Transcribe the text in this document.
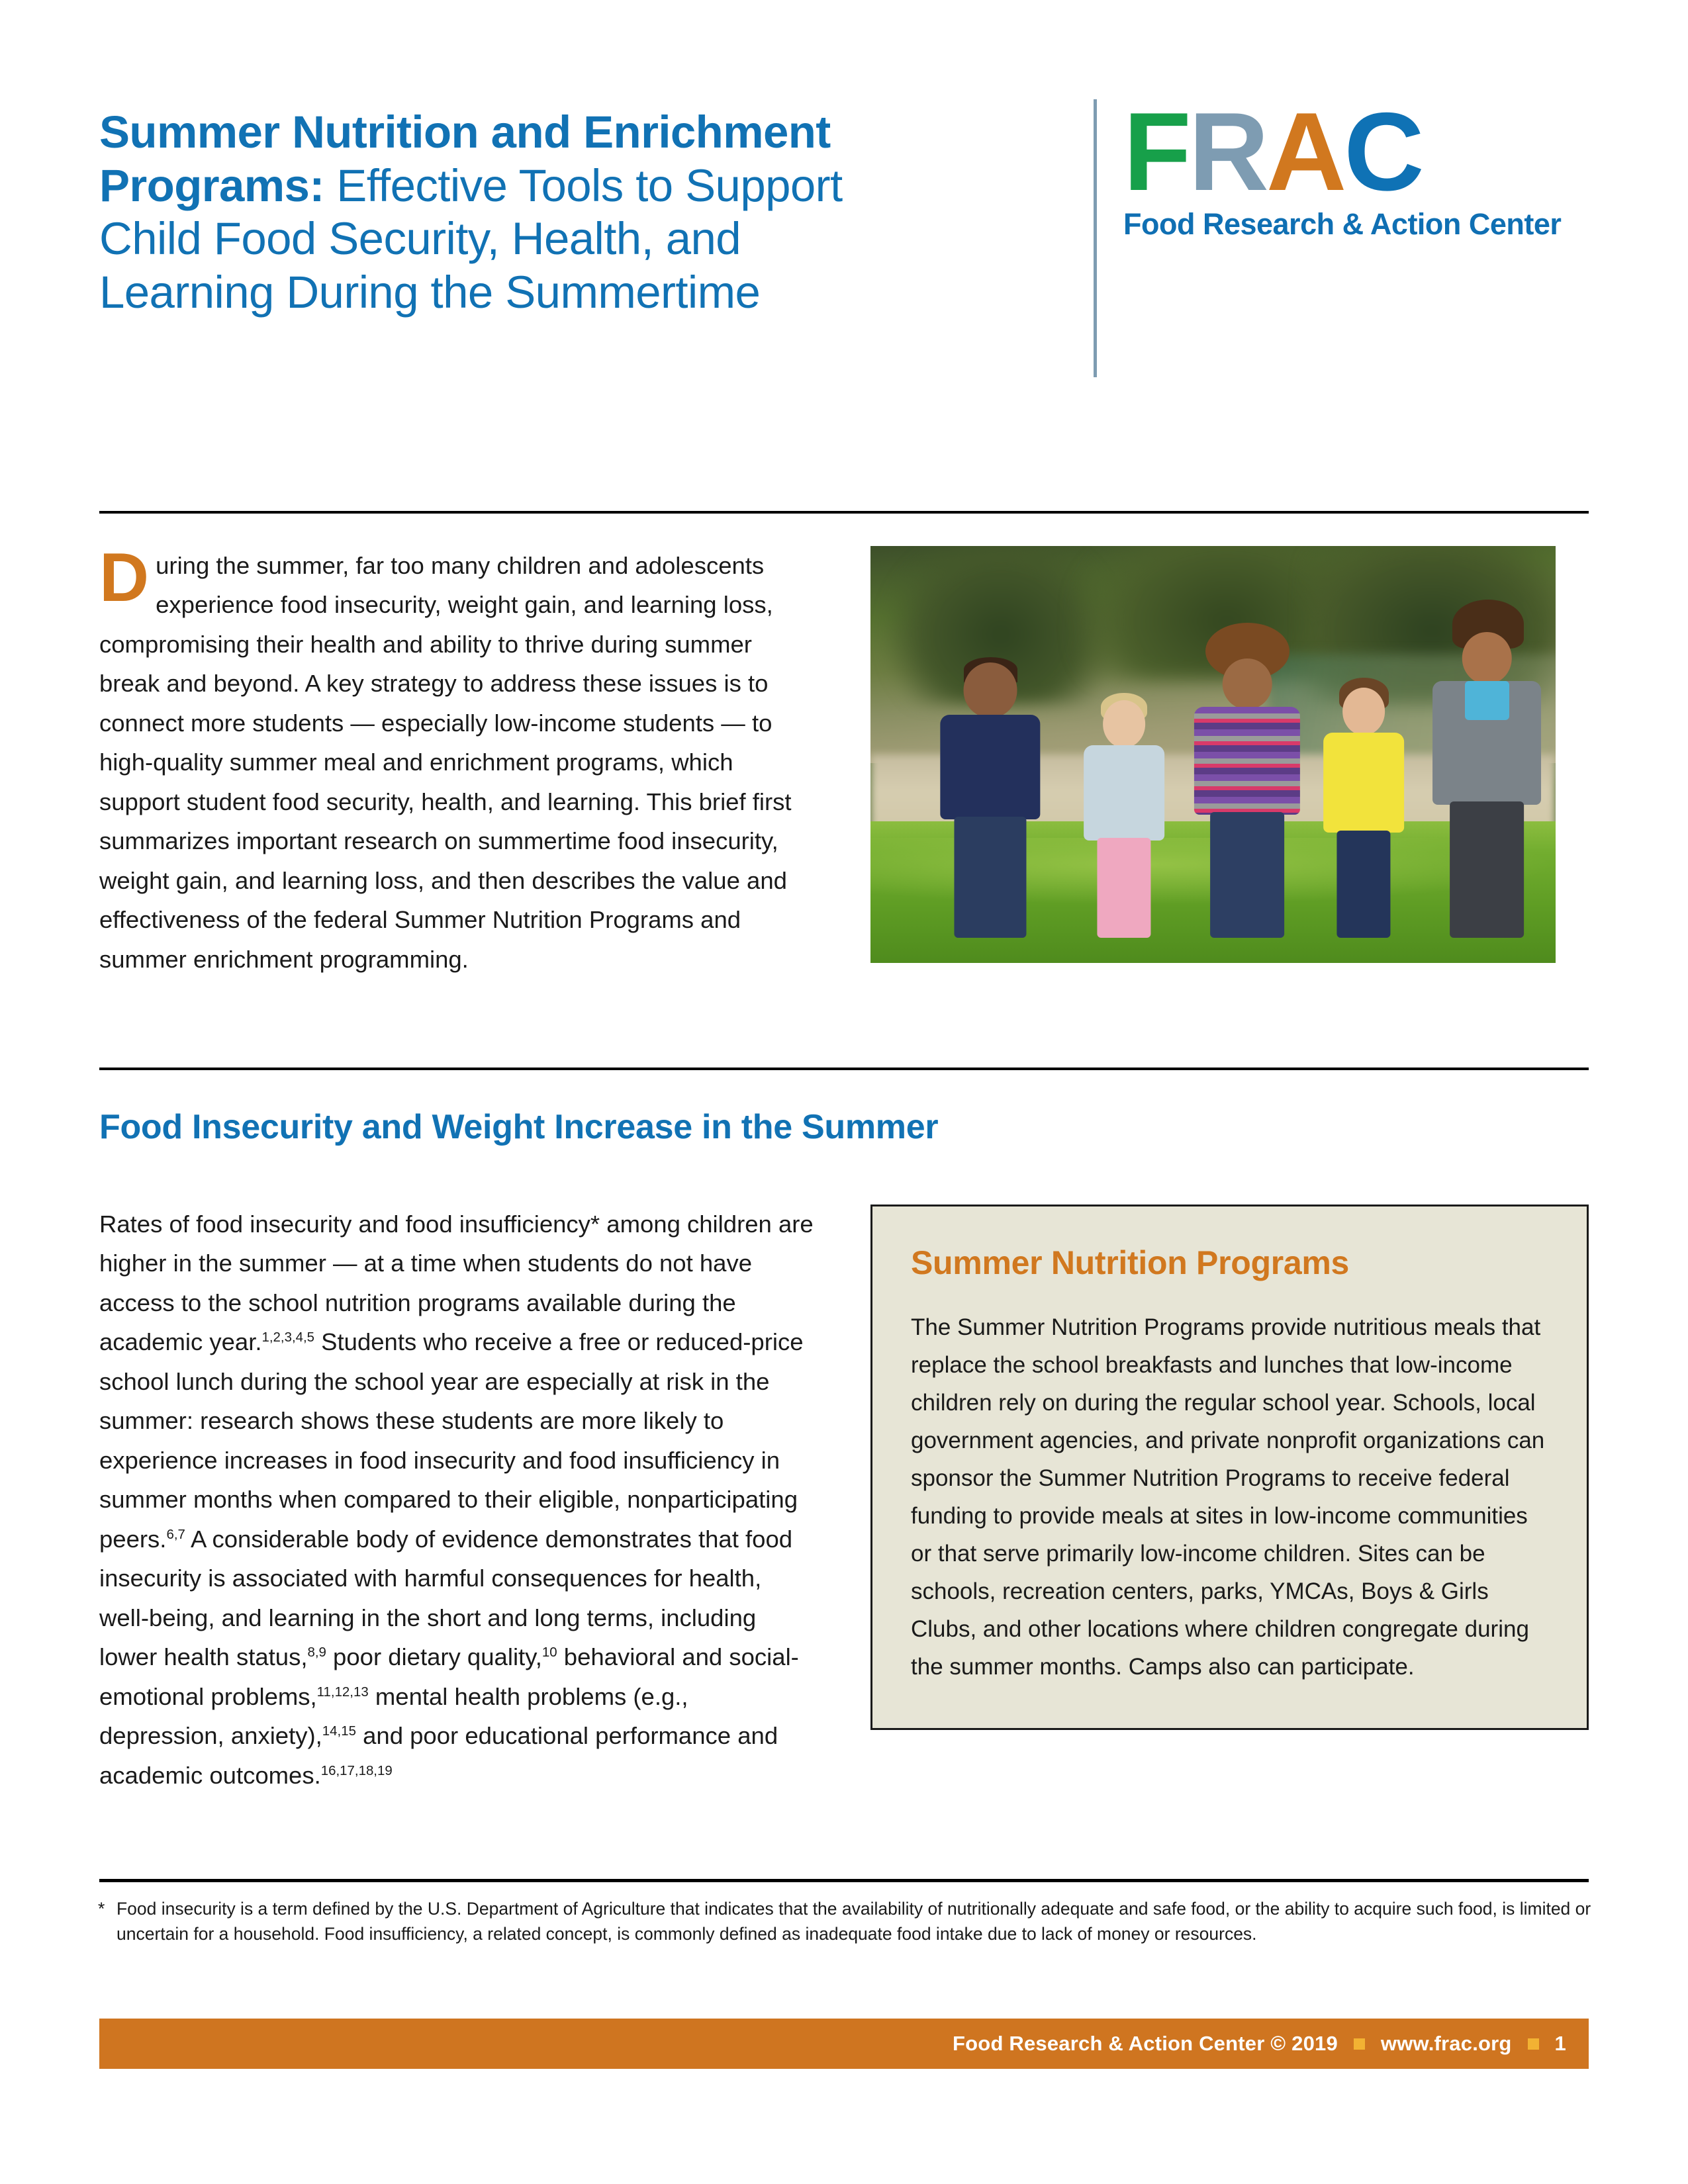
Summer Nutrition and Enrichment
Programs: Effective Tools to Support
Child Food Security, Health, and
Learning During the Summertime
FRAC
Food Research & Action Center
During the summer, far too many children and adolescents experience food insecurity, weight gain, and learning loss, compromising their health and ability to thrive during summer break and beyond. A key strategy to address these issues is to connect more students — especially low-income students — to high-quality summer meal and enrichment programs, which support student food security, health, and learning. This brief first summarizes important research on summertime food insecurity, weight gain, and learning loss, and then describes the value and effectiveness of the federal Summer Nutrition Programs and summer enrichment programming.
Food Insecurity and Weight Increase in the Summer
Rates of food insecurity and food insufficiency* among children are higher in the summer — at a time when students do not have access to the school nutrition programs available during the academic year.$^{1,2,3,4,5}$ Students who receive a free or reduced-price school lunch during the school year are especially at risk in the summer: research shows these students are more likely to experience increases in food insecurity and food insufficiency in summer months when compared to their eligible, nonparticipating peers.$^{6,7}$ A considerable body of evidence demonstrates that food insecurity is associated with harmful consequences for health, well-being, and learning in the short and long terms, including lower health status,$^{8,9}$ poor dietary quality,$^{10}$ behavioral and social-emotional problems,$^{11,12,13}$ mental health problems (e.g., depression, anxiety),$^{14,15}$ and poor educational performance and academic outcomes.$^{16,17,18,19}$
Summer Nutrition Programs
The Summer Nutrition Programs provide nutritious meals that replace the school breakfasts and lunches that low-income children rely on during the regular school year. Schools, local government agencies, and private nonprofit organizations can sponsor the Summer Nutrition Programs to receive federal funding to provide meals at sites in low-income communities or that serve primarily low-income children. Sites can be schools, recreation centers, parks, YMCAs, Boys & Girls Clubs, and other locations where children congregate during the summer months. Camps also can participate.
* Food insecurity is a term defined by the U.S. Department of Agriculture that indicates that the availability of nutritionally adequate and safe food, or the ability to acquire such food, is limited or uncertain for a household. Food insufficiency, a related concept, is commonly defined as inadequate food intake due to lack of money or resources.
Food Research & Action Center © 2019 www.frac.org 1
